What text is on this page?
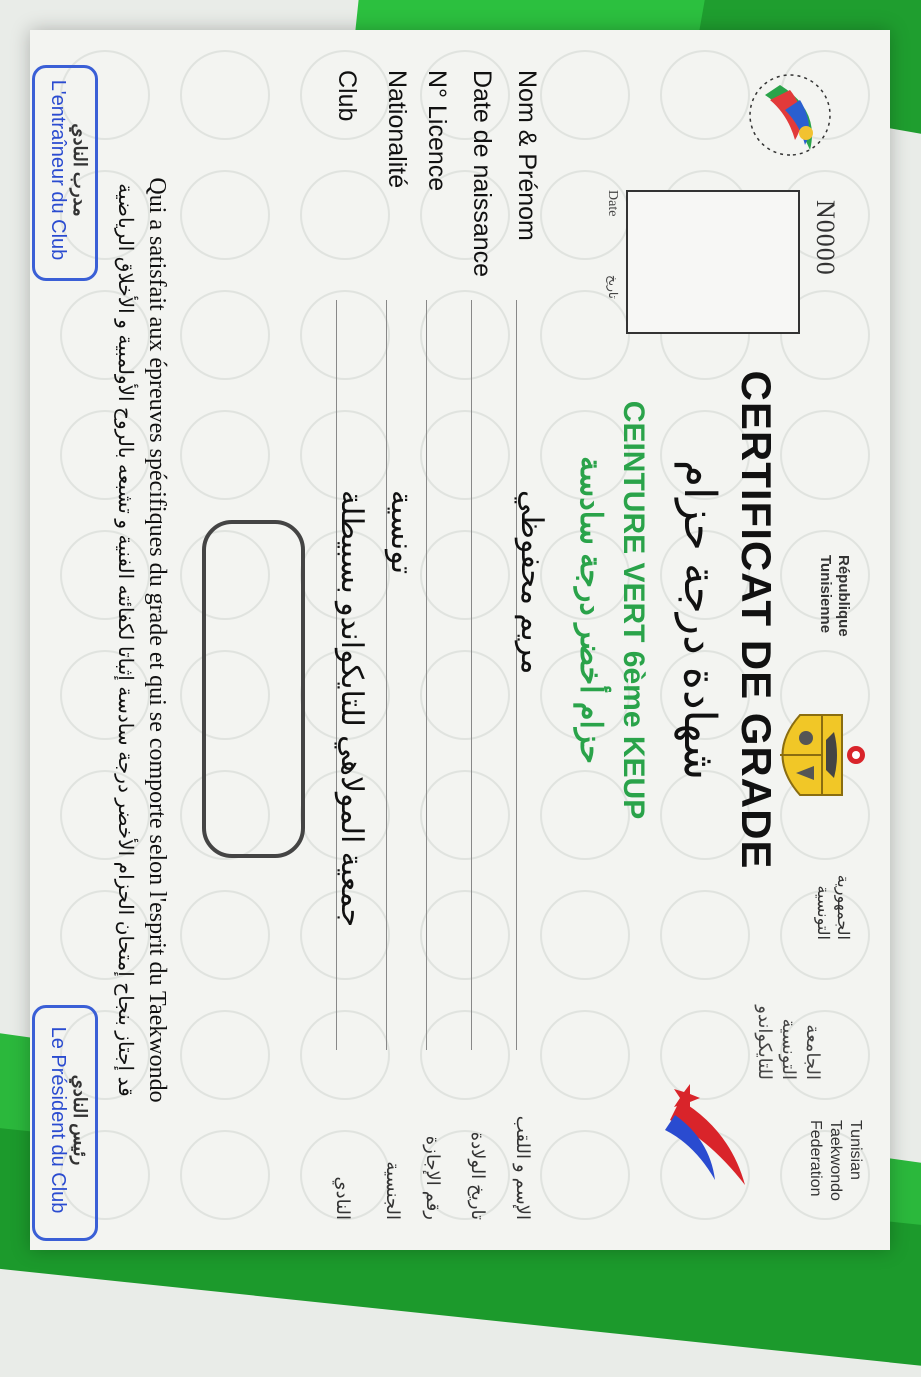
N0000
Date
تاريخ
République Tunisienne
الجمهورية التونسية
الجامعة التونسية للتايكواندو
Tunisian Taekwondo Federation
CERTIFICAT DE GRADE
شهادة درجة حزام
CEINTURE VERT 6ème KEUP
حزام أخضر درجة سادسة
Nom & Prénom
مريم محفوظي
الإسم و اللقب
Date de naissance
تاريخ الولادة
N° Licence
رقم الإجازة
Nationalité
تونسية
الجنسية
Club
جمعية المولاهي للتايكواندو بسبيطلة
النادي
Qui a satisfait aux épreuves spécifiques du grade et qui se comporte selon l'esprit du Taekwondo
قد إجتاز بنجاح إمتحان الحزام الأخضر درجة سادسة إثباتا لكفائته الفنية و تشبعه بالروح الأولمبية و الأخلاق الرياضية
مدرب النادي
L'entraîneur du Club
رئيس النادي
Le Président du Club
